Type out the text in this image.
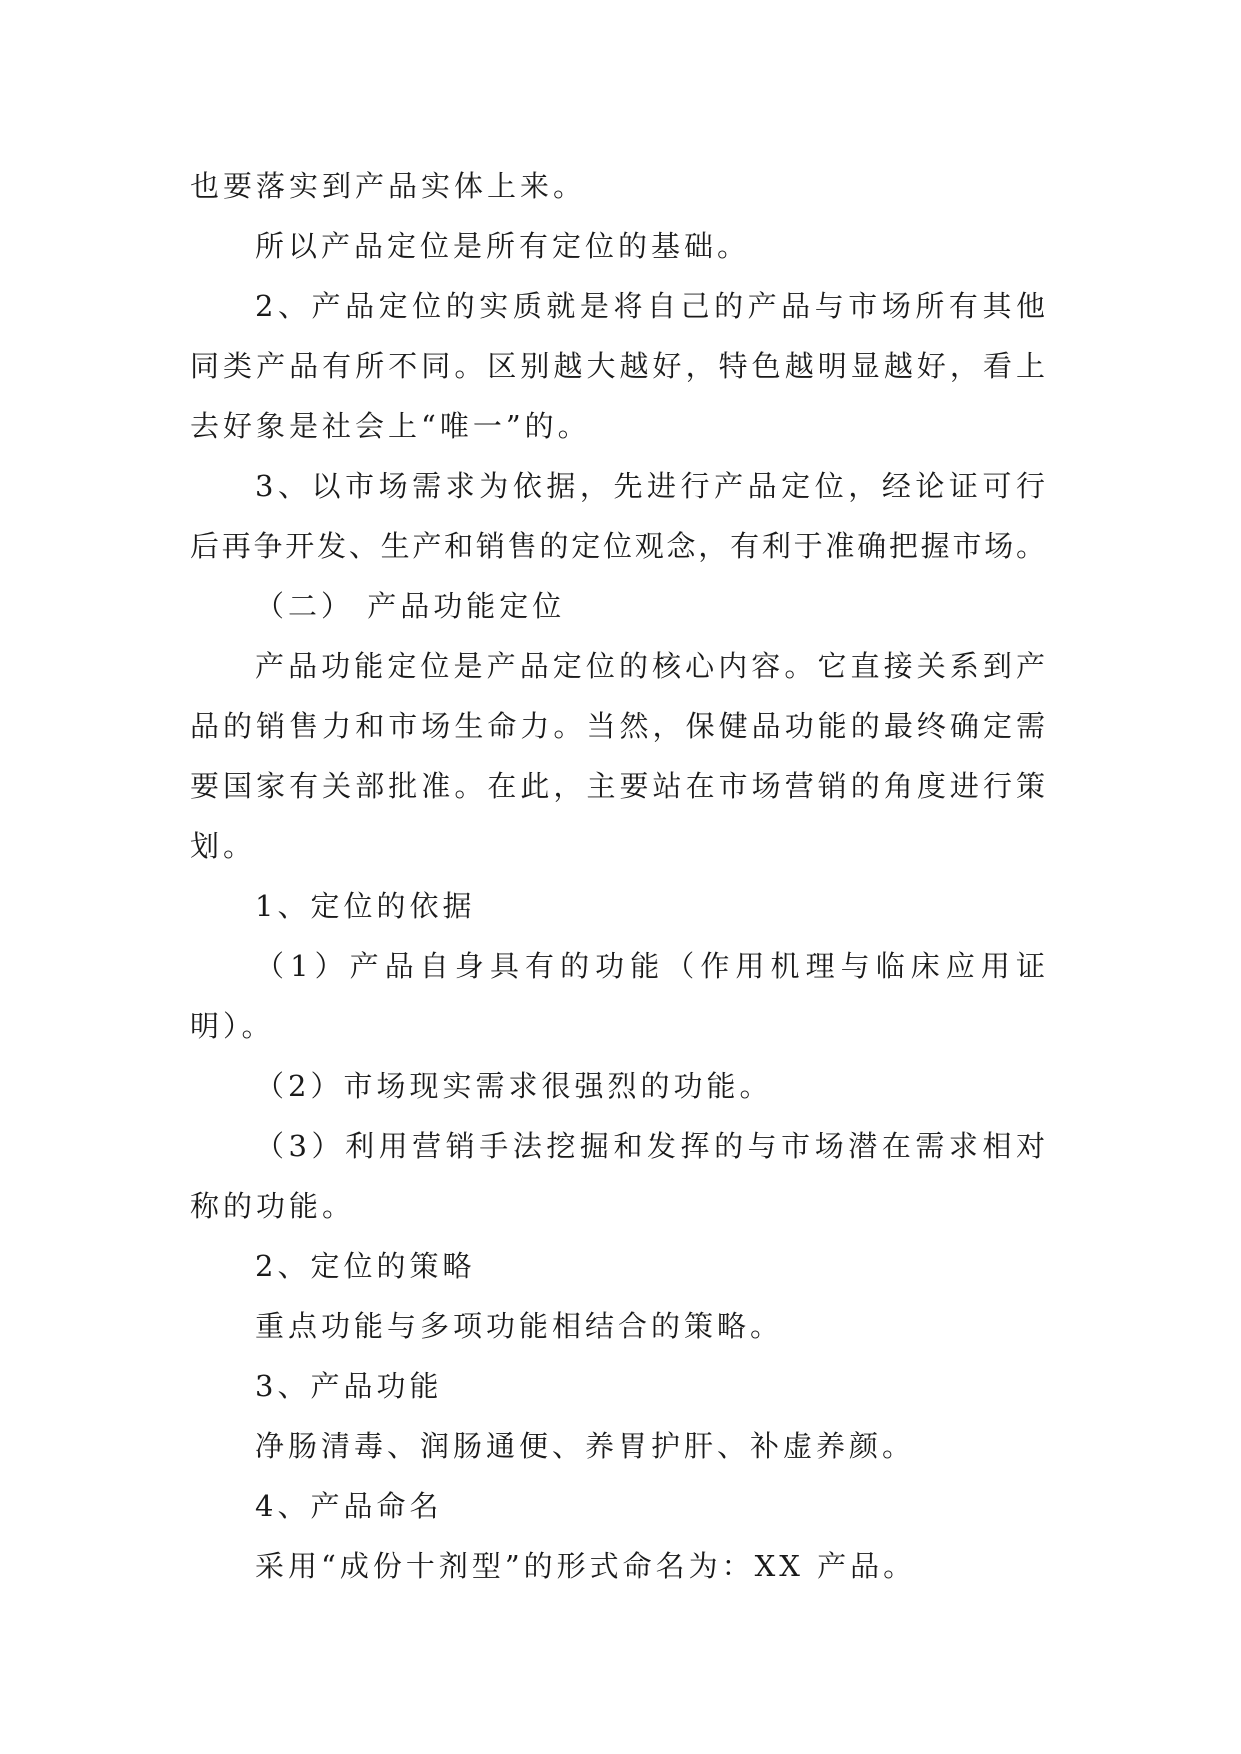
也要落实到产品实体上来。

所以产品定位是所有定位的基础。

2、产品定位的实质就是将自己的产品与市场所有其他

同类产品有所不同。区别越大越好，特色越明显越好，看上

去好象是社会上“唯一”的。

3、以市场需求为依据，先进行产品定位，经论证可行

后再争开发、生产和销售的定位观念，有利于准确把握市场。

（二） 产品功能定位

产品功能定位是产品定位的核心内容。它直接关系到产

品的销售力和市场生命力。当然，保健品功能的最终确定需

要国家有关部批准。在此，主要站在市场营销的角度进行策

划。

1、定位的依据

（1）产品自身具有的功能（作用机理与临床应用证

明）。

（2）市场现实需求很强烈的功能。

（3）利用营销手法挖掘和发挥的与市场潜在需求相对

称的功能。

2、定位的策略

重点功能与多项功能相结合的策略。

3、产品功能

净肠清毒、润肠通便、养胃护肝、补虚养颜。

4、产品命名

采用“成份十剂型”的形式命名为：XX 产品。
